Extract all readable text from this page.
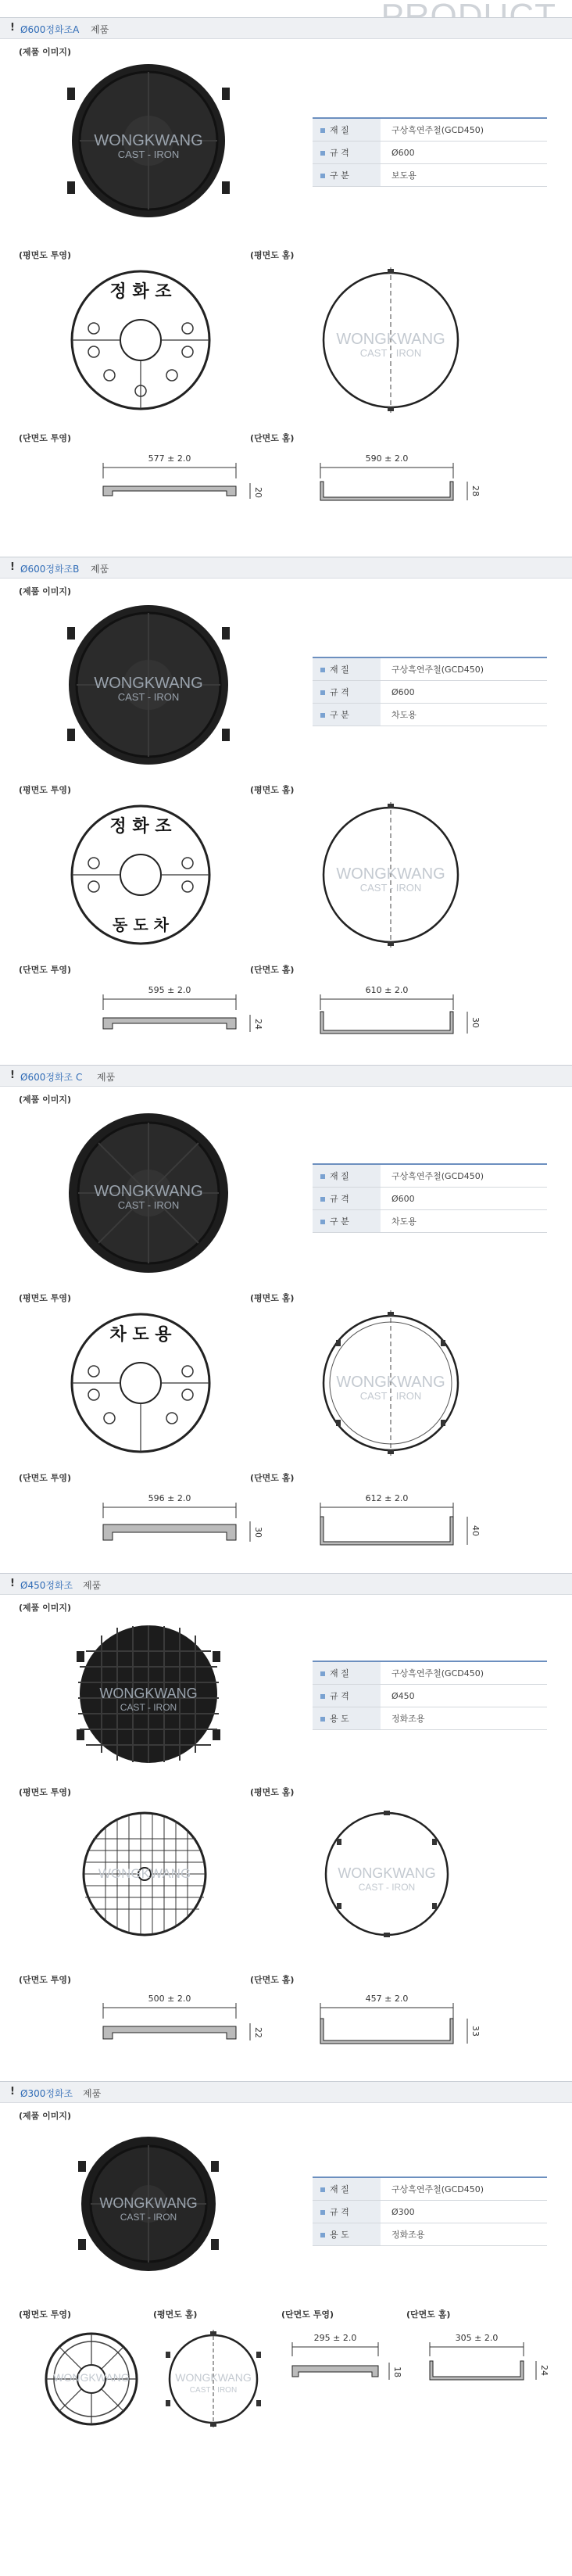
! Ø600정화조A 제품
(제품 이미지)
WONGKWANG
CAST - IRON
재 질	구상흑연주철(GCD450)
규 격	Ø600
구 분	보도용
(평면도 투영)	(평면도 홈)
정 화 조
WONGKWANG
CAST - IRON
(단면도 투영)	(단면도 홈)
577 ± 2.0
20
590 ± 2.0
28
! Ø600정화조B 제품
(제품 이미지)
WONGKWANG
CAST - IRON
재 질	구상흑연주철(GCD450)
규 격	Ø600
구 분	차도용
(평면도 투영)	(평면도 홈)
정 화 조
동 도 차
WONGKWANG
CAST - IRON
(단면도 투영)	(단면도 홈)
595 ± 2.0
24
610 ± 2.0
30
! Ø600정화조 C 제품
(제품 이미지)
WONGKWANG
CAST - IRON
재 질	구상흑연주철(GCD450)
규 격	Ø600
구 분	차도용
(평면도 투영)	(평면도 홈)
차 도 용
WONGKWANG
CAST - IRON
(단면도 투영)	(단면도 홈)
596 ± 2.0
30
612 ± 2.0
40
! Ø450정화조 제품
(제품 이미지)
WONGKWANG
CAST - IRON
재 질	구상흑연주철(GCD450)
규 격	Ø450
용 도	정화조용
(평면도 투영)	(평면도 홈)
WONGKWANG	WONGKWANG
CAST - IRON
(단면도 투영)	(단면도 홈)
500 ± 2.0
22
457 ± 2.0
33
! Ø300정화조 제품
(제품 이미지)
WONGKWANG
CAST - IRON
재 질	구상흑연주철(GCD450)
규 격	Ø300
용 도	정화조용
(평면도 투영)	(평면도 홈)	(단면도 투영)	(단면도 홈)
WONGKWANG	WONGKWANG
CAST - IRON
295 ± 2.0
18
305 ± 2.0
24
